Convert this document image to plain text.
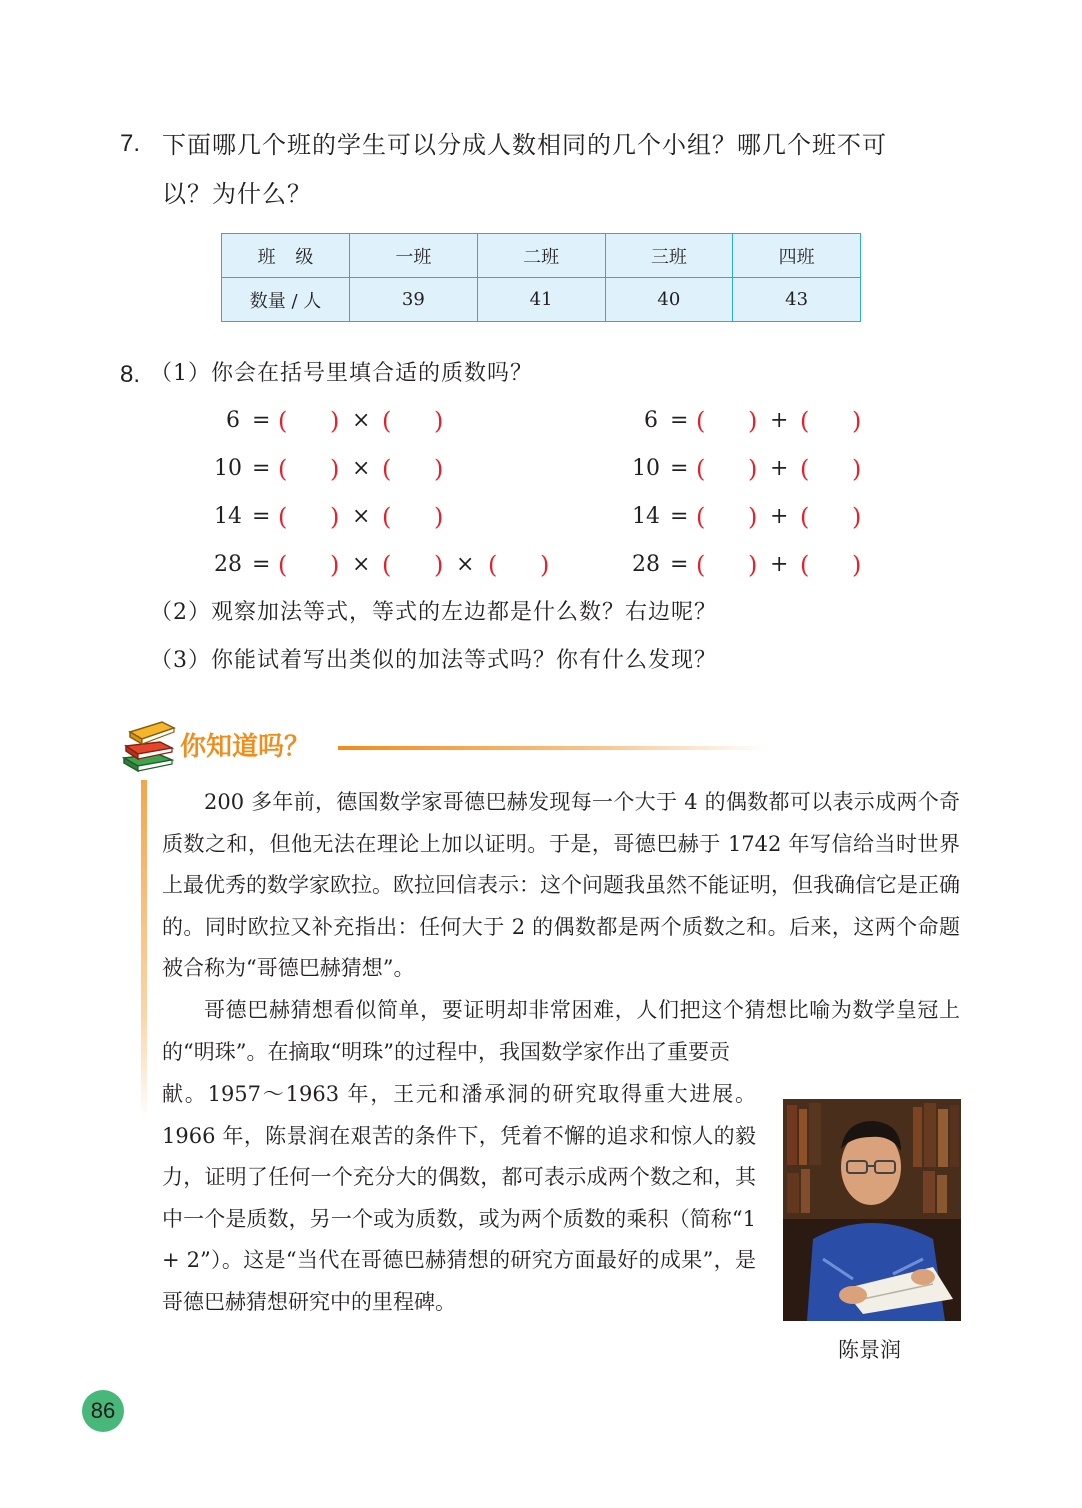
7. 下面哪几个班的学生可以分成人数相同的几个小组？哪几个班不可
以？为什么？
班 级	一班	二班	三班	四班
数量 / 人	39	41	40	43
8. （1）你会在括号里填合适的质数吗？
6 = ( ) × ( )
10 = ( ) × ( )
14 = ( ) × ( )
28 = ( ) × ( ) × ( )
6 = ( ) + ( )
10 = ( ) + ( )
14 = ( ) + ( )
28 = ( ) + ( )
（2）观察加法等式，等式的左边都是什么数？右边呢？
（3）你能试着写出类似的加法等式吗？你有什么发现？
你知道吗？
200 多年前，德国数学家哥德巴赫发现每一个大于 4 的偶数都可以表示成两个奇质数之和，但他无法在理论上加以证明。于是，哥德巴赫于 1742 年写信给当时世界上最优秀的数学家欧拉。欧拉回信表示：这个问题我虽然不能证明，但我确信它是正确的。同时欧拉又补充指出：任何大于 2 的偶数都是两个质数之和。后来，这两个命题被合称为“哥德巴赫猜想”。
哥德巴赫猜想看似简单，要证明却非常困难，人们把这个猜想比喻为数学皇冠上的“明珠”。在摘取“明珠”的过程中，我国数学家作出了重要贡
献。1957～1963 年，王元和潘承洞的研究取得重大进展。1966 年，陈景润在艰苦的条件下，凭着不懈的追求和惊人的毅力，证明了任何一个充分大的偶数，都可表示成两个数之和，其中一个是质数，另一个或为质数，或为两个质数的乘积（简称“1 + 2”）。这是“当代在哥德巴赫猜想的研究方面最好的成果”，是哥德巴赫猜想研究中的里程碑。
陈景润
86
